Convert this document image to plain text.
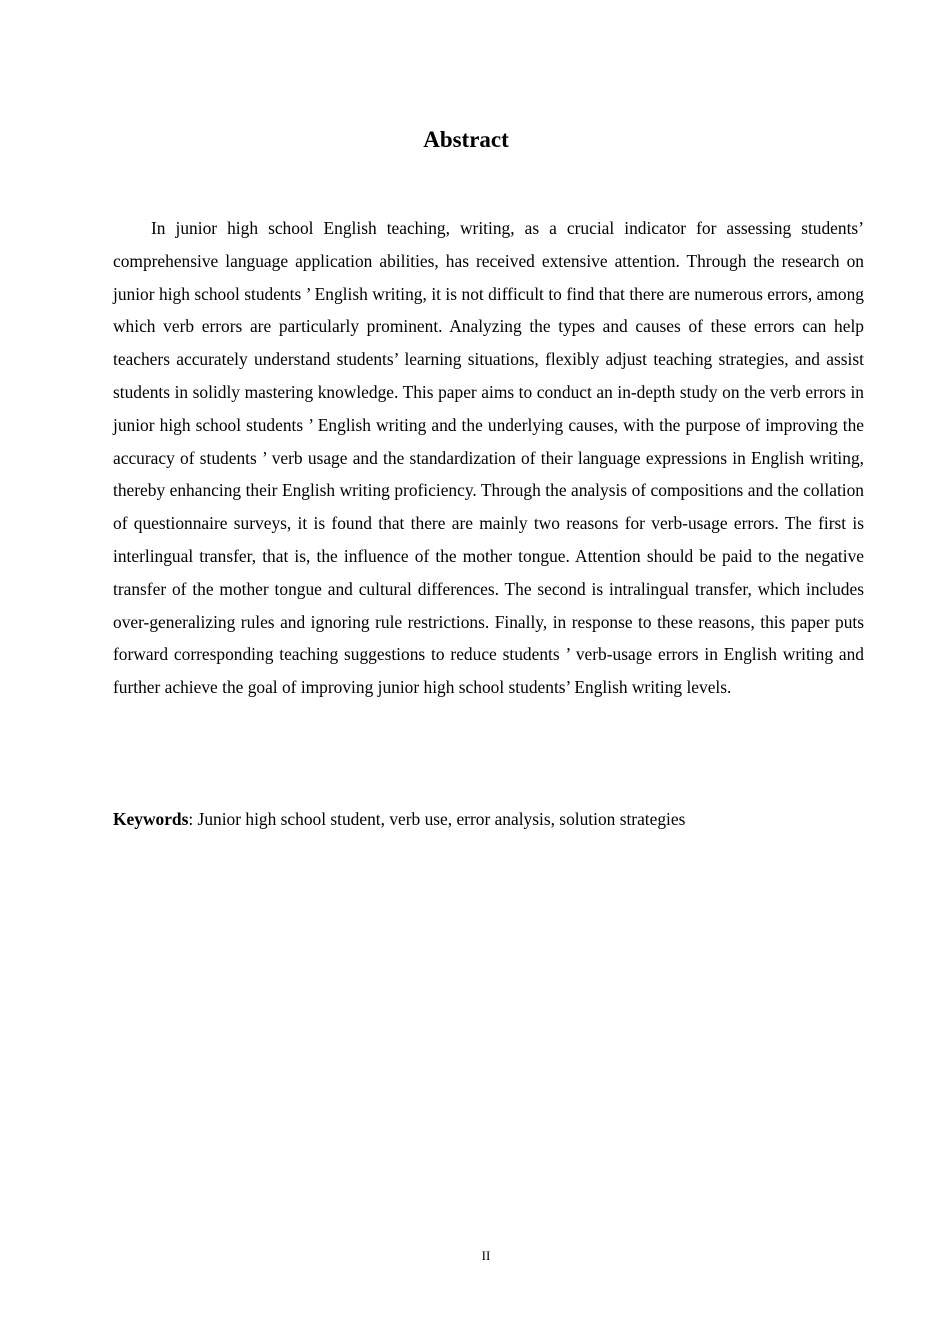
Abstract

In junior high school English teaching, writing, as a crucial indicator for assessing students’ comprehensive language application abilities, has received extensive attention. Through the research on junior high school students ’ English writing, it is not difficult to find that there are numerous errors, among which verb errors are particularly prominent. Analyzing the types and causes of these errors can help teachers accurately understand students’ learning situations, flexibly adjust teaching strategies, and assist students in solidly mastering knowledge. This paper aims to conduct an in-depth study on the verb errors in junior high school students ’ English writing and the underlying causes, with the purpose of improving the accuracy of students ’ verb usage and the standardization of their language expressions in English writing, thereby enhancing their English writing proficiency. Through the analysis of compositions and the collation of questionnaire surveys, it is found that there are mainly two reasons for verb-usage errors. The first is interlingual transfer, that is, the influence of the mother tongue. Attention should be paid to the negative transfer of the mother tongue and cultural differences. The second is intralingual transfer, which includes over-generalizing rules and ignoring rule restrictions. Finally, in response to these reasons, this paper puts forward corresponding teaching suggestions to reduce students ’ verb-usage errors in English writing and further achieve the goal of improving junior high school students’ English writing levels.

Keywords: Junior high school student, verb use, error analysis, solution strategies

II
